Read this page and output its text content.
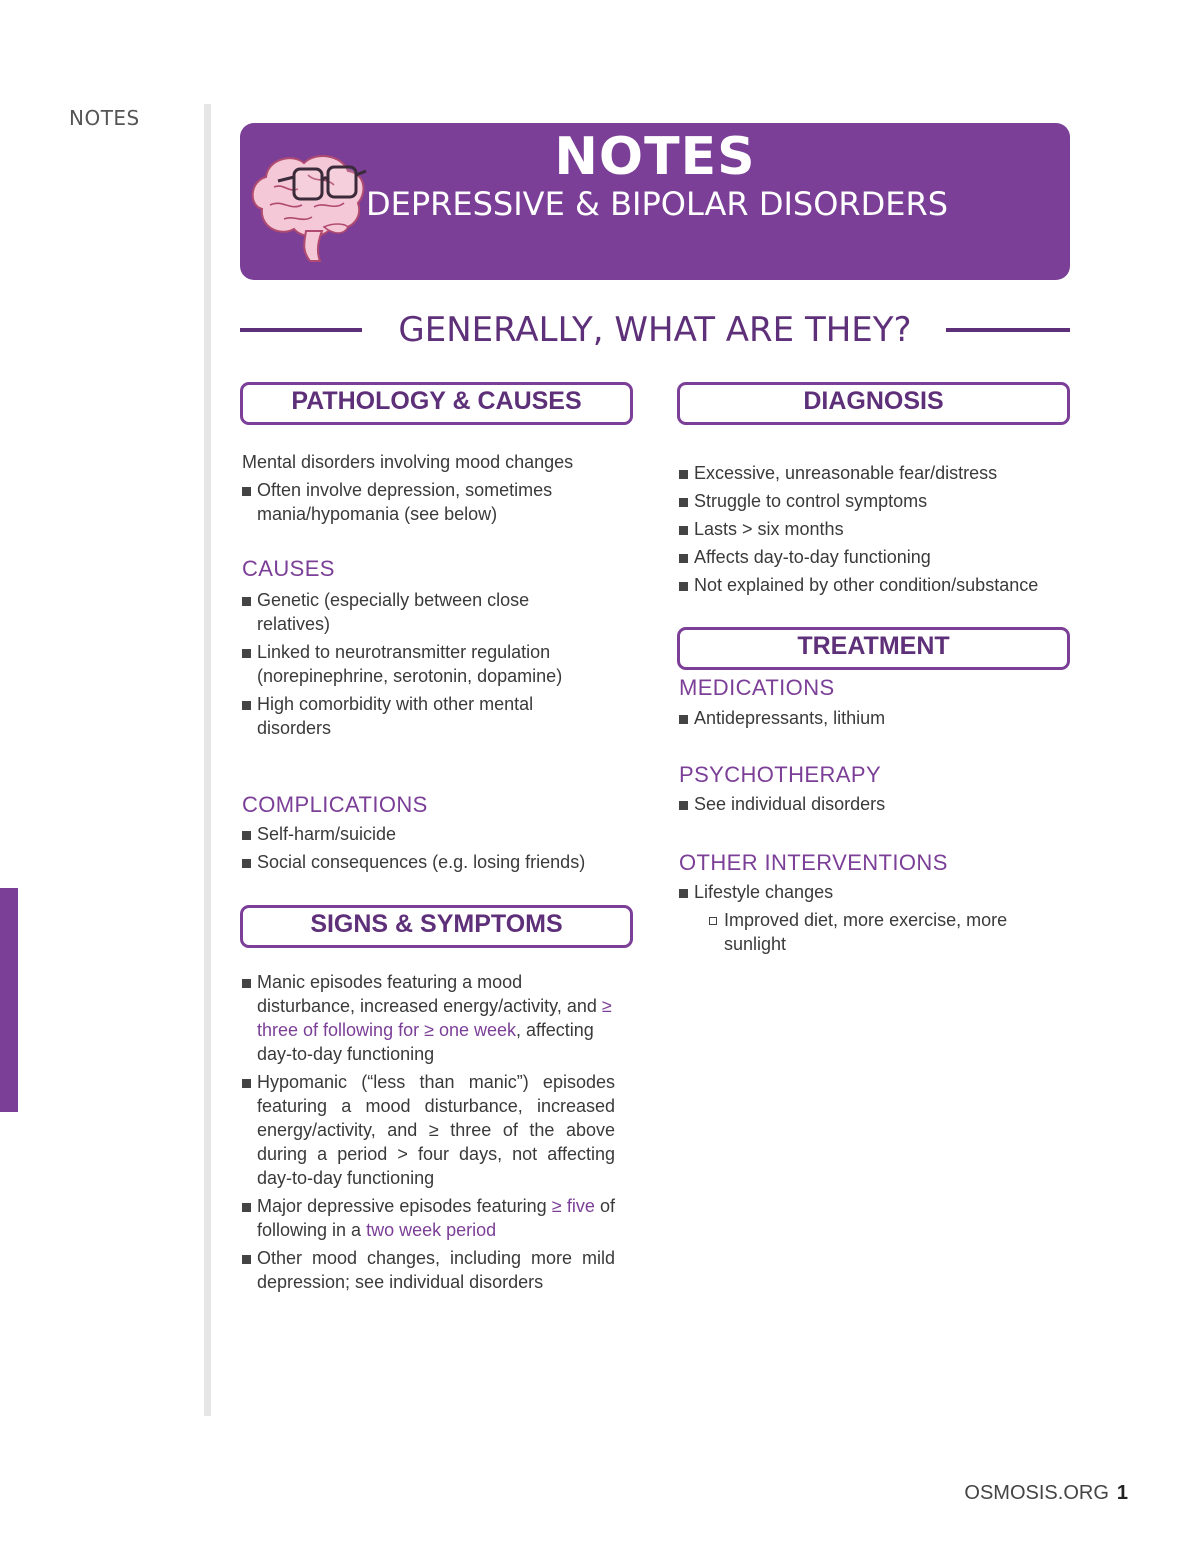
NOTES
NOTES
DEPRESSIVE & BIPOLAR DISORDERS
GENERALLY, WHAT ARE THEY?
PATHOLOGY & CAUSES
Mental disorders involving mood changes
Often involve depression, sometimes mania/hypomania (see below)
CAUSES
Genetic (especially between close relatives)
Linked to neurotransmitter regulation (norepinephrine, serotonin, dopamine)
High comorbidity with other mental disorders
COMPLICATIONS
Self-harm/suicide
Social consequences (e.g. losing friends)
SIGNS & SYMPTOMS
Manic episodes featuring a mood disturbance, increased energy/activity, and ≥ three of following for ≥ one week, affecting day-to-day functioning
Hypomanic (“less than manic”) episodes featuring a mood disturbance, increased energy/activity, and ≥ three of the above during a period > four days, not affecting day-to-day functioning
Major depressive episodes featuring ≥ five of following in a two week period
Other mood changes, including more mild depression; see individual disorders
DIAGNOSIS
Excessive, unreasonable fear/distress
Struggle to control symptoms
Lasts > six months
Affects day-to-day functioning
Not explained by other condition/substance
TREATMENT
MEDICATIONS
Antidepressants, lithium
PSYCHOTHERAPY
See individual disorders
OTHER INTERVENTIONS
Lifestyle changes
Improved diet, more exercise, more sunlight
OSMOSIS.ORG 1
